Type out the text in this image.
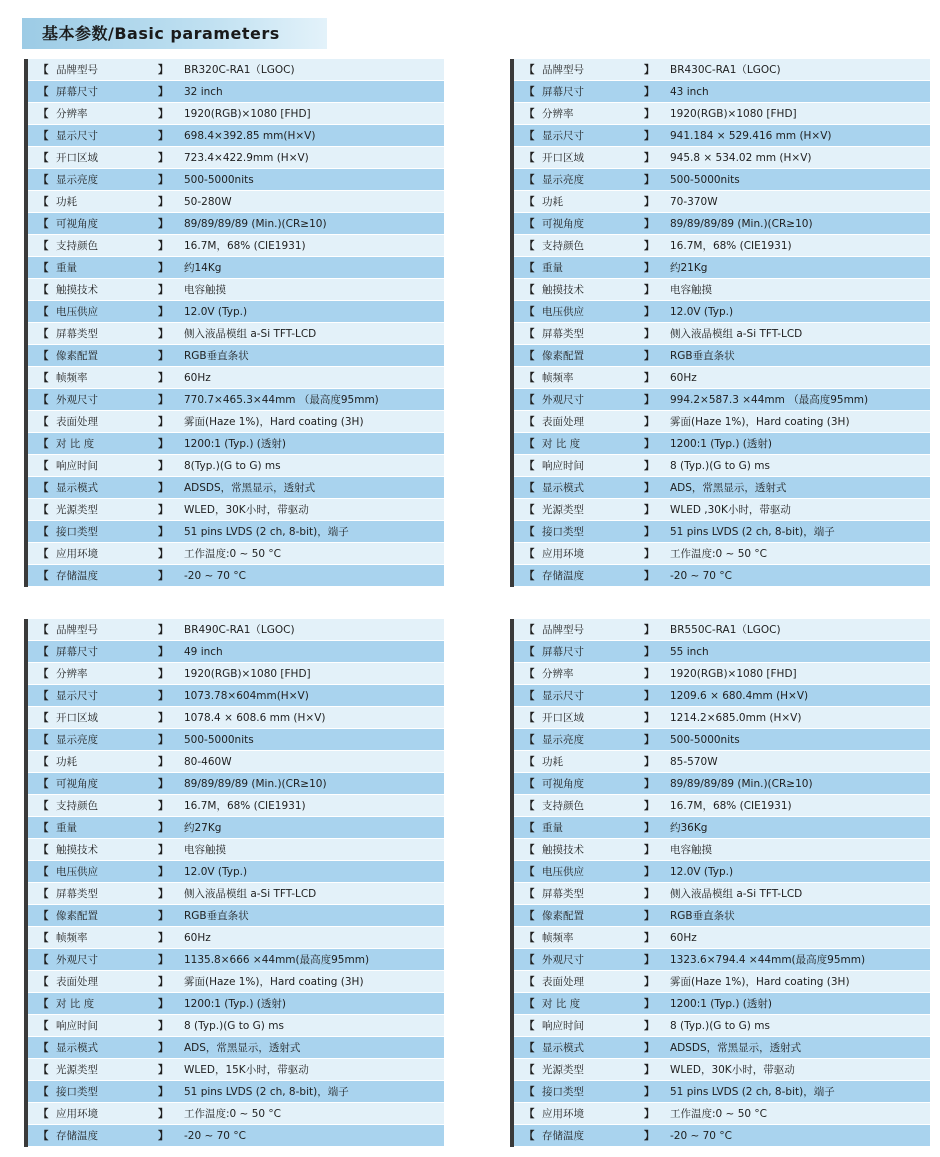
基本参数/Basic parameters
【 品牌型号	】 BR320C-RA1（LGOC)
【 屏幕尺寸	】 32 inch
【 分辨率	】 1920(RGB)×1080 [FHD]
【 显示尺寸	】 698.4×392.85 mm(H×V)
【 开口区域	】 723.4×422.9mm (H×V)
【 显示亮度	】 500-5000nits
【 功耗	】 50-280W
【 可视角度	】 89/89/89/89 (Min.)(CR≥10)
【 支持颜色	】 16.7M，68% (CIE1931)
【 重量	】 约14Kg
【 触摸技术	】 电容触摸
【 电压供应	】 12.0V (Typ.)
【 屏幕类型	】 侧入液晶模组 a-Si TFT-LCD
【 像素配置	】 RGB垂直条状
【 帧频率	】 60Hz
【 外观尺寸	】 770.7×465.3×44mm （最高度95mm)
【 表面处理	】 雾面(Haze 1%)，Hard coating (3H)
【 对 比 度	】 1200:1 (Typ.) (透射)
【 响应时间	】 8(Typ.)(G to G) ms
【 显示模式	】 ADSDS，常黑显示，透射式
【 光源类型	】 WLED，30K小时，带驱动
【 接口类型	】 51 pins LVDS (2 ch, 8-bit)，端子
【 应用环境	】 工作温度:0 ~ 50 °C
【 存储温度	】 -20 ~ 70 °C
【 品牌型号	】 BR430C-RA1（LGOC)
【 屏幕尺寸	】 43 inch
【 分辨率	】 1920(RGB)×1080 [FHD]
【 显示尺寸	】 941.184 × 529.416 mm (H×V)
【 开口区域	】 945.8 × 534.02 mm (H×V)
【 显示亮度	】 500-5000nits
【 功耗	】 70-370W
【 可视角度	】 89/89/89/89 (Min.)(CR≥10)
【 支持颜色	】 16.7M，68% (CIE1931)
【 重量	】 约21Kg
【 触摸技术	】 电容触摸
【 电压供应	】 12.0V (Typ.)
【 屏幕类型	】 侧入液晶模组 a-Si TFT-LCD
【 像素配置	】 RGB垂直条状
【 帧频率	】 60Hz
【 外观尺寸	】 994.2×587.3 ×44mm （最高度95mm)
【 表面处理	】 雾面(Haze 1%)，Hard coating (3H)
【 对 比 度	】 1200:1 (Typ.) (透射)
【 响应时间	】 8 (Typ.)(G to G) ms
【 显示模式	】 ADS，常黑显示，透射式
【 光源类型	】 WLED ,30K小时，带驱动
【 接口类型	】 51 pins LVDS (2 ch, 8-bit)，端子
【 应用环境	】 工作温度:0 ~ 50 °C
【 存储温度	】 -20 ~ 70 °C
【 品牌型号	】 BR490C-RA1（LGOC)
【 屏幕尺寸	】 49 inch
【 分辨率	】 1920(RGB)×1080 [FHD]
【 显示尺寸	】 1073.78×604mm(H×V)
【 开口区域	】 1078.4 × 608.6 mm (H×V)
【 显示亮度	】 500-5000nits
【 功耗	】 80-460W
【 可视角度	】 89/89/89/89 (Min.)(CR≥10)
【 支持颜色	】 16.7M，68% (CIE1931)
【 重量	】 约27Kg
【 触摸技术	】 电容触摸
【 电压供应	】 12.0V (Typ.)
【 屏幕类型	】 侧入液晶模组 a-Si TFT-LCD
【 像素配置	】 RGB垂直条状
【 帧频率	】 60Hz
【 外观尺寸	】 1135.8×666 ×44mm(最高度95mm)
【 表面处理	】 雾面(Haze 1%)，Hard coating (3H)
【 对 比 度	】 1200:1 (Typ.) (透射)
【 响应时间	】 8 (Typ.)(G to G) ms
【 显示模式	】 ADS，常黑显示，透射式
【 光源类型	】 WLED，15K小时，带驱动
【 接口类型	】 51 pins LVDS (2 ch, 8-bit)，端子
【 应用环境	】 工作温度:0 ~ 50 °C
【 存储温度	】 -20 ~ 70 °C
【 品牌型号	】 BR550C-RA1（LGOC)
【 屏幕尺寸	】 55 inch
【 分辨率	】 1920(RGB)×1080 [FHD]
【 显示尺寸	】 1209.6 × 680.4mm (H×V)
【 开口区域	】 1214.2×685.0mm (H×V)
【 显示亮度	】 500-5000nits
【 功耗	】 85-570W
【 可视角度	】 89/89/89/89 (Min.)(CR≥10)
【 支持颜色	】 16.7M，68% (CIE1931)
【 重量	】 约36Kg
【 触摸技术	】 电容触摸
【 电压供应	】 12.0V (Typ.)
【 屏幕类型	】 侧入液晶模组 a-Si TFT-LCD
【 像素配置	】 RGB垂直条状
【 帧频率	】 60Hz
【 外观尺寸	】 1323.6×794.4 ×44mm(最高度95mm)
【 表面处理	】 雾面(Haze 1%)，Hard coating (3H)
【 对 比 度	】 1200:1 (Typ.) (透射)
【 响应时间	】 8 (Typ.)(G to G) ms
【 显示模式	】 ADSDS，常黑显示，透射式
【 光源类型	】 WLED，30K小时，带驱动
【 接口类型	】 51 pins LVDS (2 ch, 8-bit)，端子
【 应用环境	】 工作温度:0 ~ 50 °C
【 存储温度	】 -20 ~ 70 °C
